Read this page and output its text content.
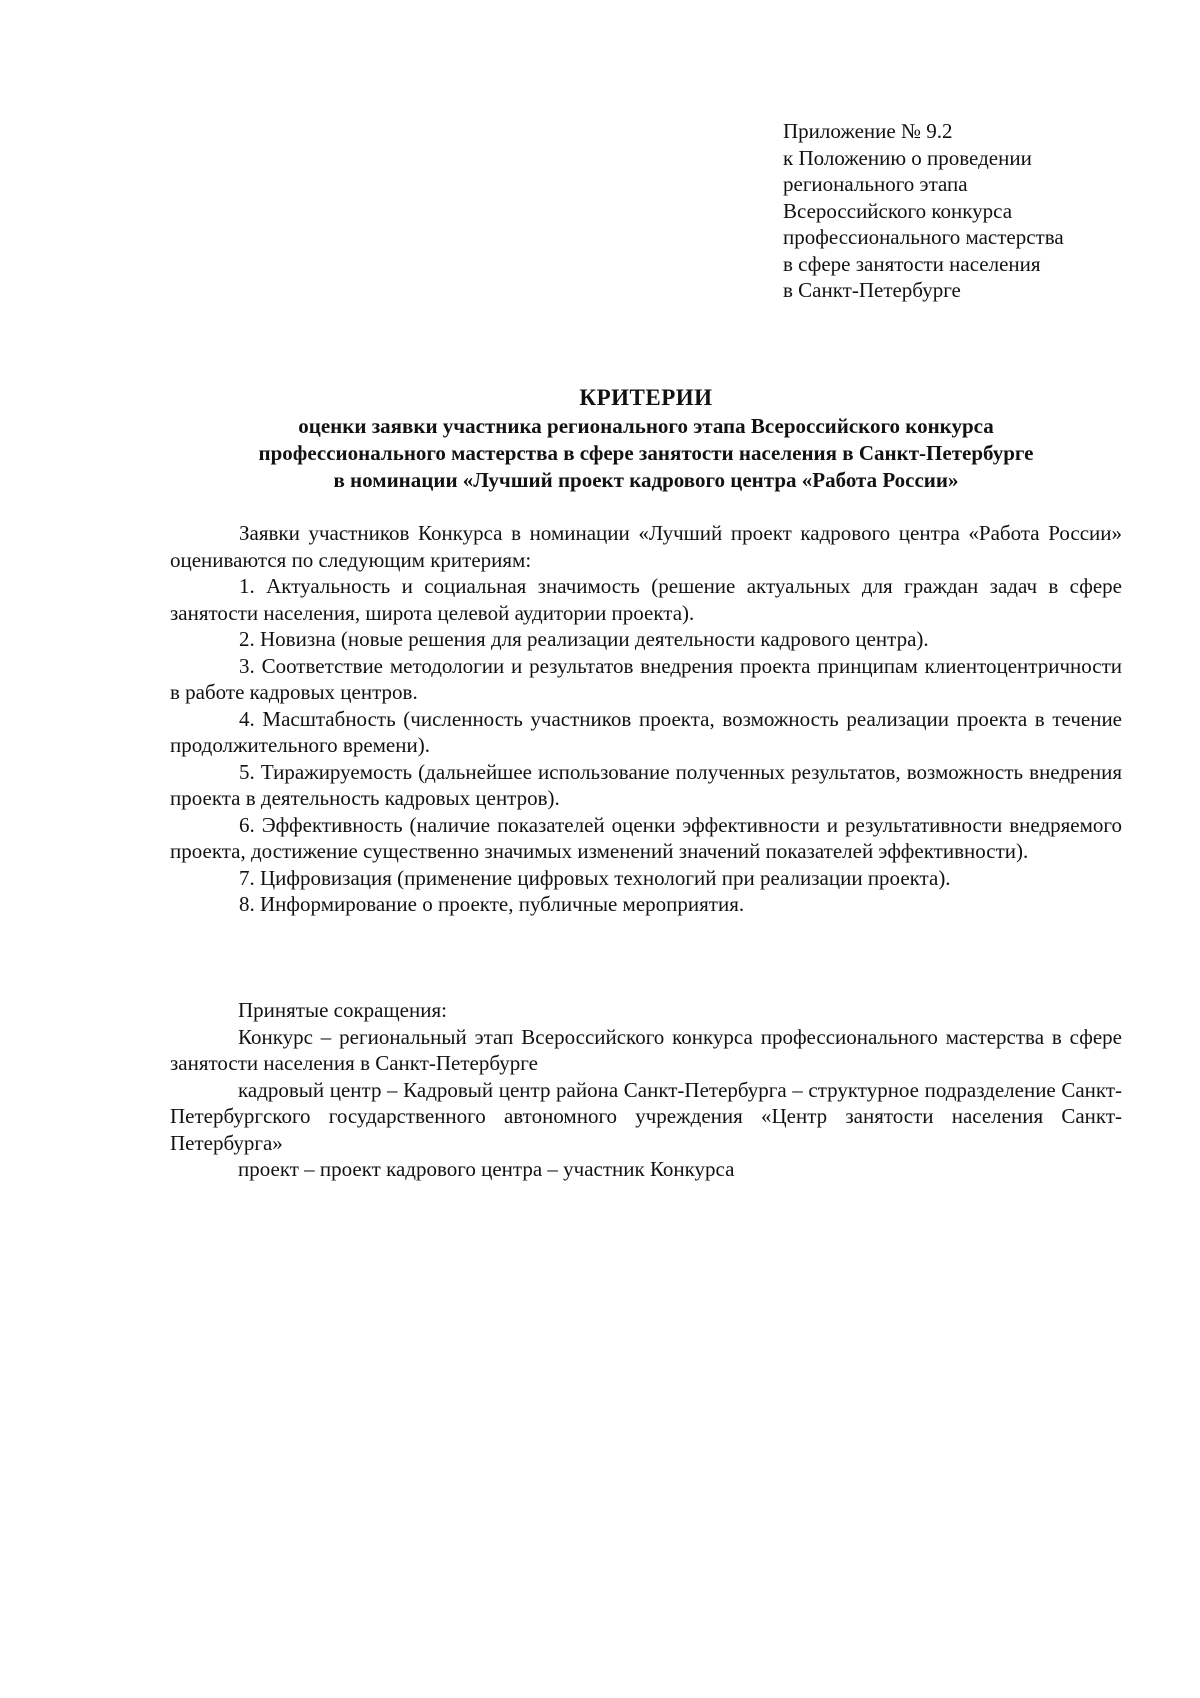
Приложение № 9.2
к Положению о проведении
регионального этапа
Всероссийского конкурса
профессионального мастерства
в сфере занятости населения
в Санкт-Петербурге
КРИТЕРИИ
оценки заявки участника регионального этапа Всероссийского конкурса
профессионального мастерства в сфере занятости населения в Санкт-Петербурге
в номинации «Лучший проект кадрового центра «Работа России»

Заявки участников Конкурса в номинации «Лучший проект кадрового центра «Работа России» оцениваются по следующим критериям:

1. Актуальность и социальная значимость (решение актуальных для граждан задач в сфере занятости населения, широта целевой аудитории проекта).

2. Новизна (новые решения для реализации деятельности кадрового центра).

3. Соответствие методологии и результатов внедрения проекта принципам клиентоцентричности в работе кадровых центров.

4. Масштабность (численность участников проекта, возможность реализации проекта в течение продолжительного времени).

5. Тиражируемость (дальнейшее использование полученных результатов, возможность внедрения проекта в деятельность кадровых центров).

6. Эффективность (наличие показателей оценки эффективности и результативности внедряемого проекта, достижение существенно значимых изменений значений показателей эффективности).

7. Цифровизация (применение цифровых технологий при реализации проекта).

8. Информирование о проекте, публичные мероприятия.

Принятые сокращения:

Конкурс – региональный этап Всероссийского конкурса профессионального мастерства в сфере занятости населения в Санкт-Петербурге

кадровый центр – Кадровый центр района Санкт-Петербурга – структурное подразделение Санкт-Петербургского государственного автономного учреждения «Центр занятости населения Санкт-Петербурга»

проект – проект кадрового центра – участник Конкурса
